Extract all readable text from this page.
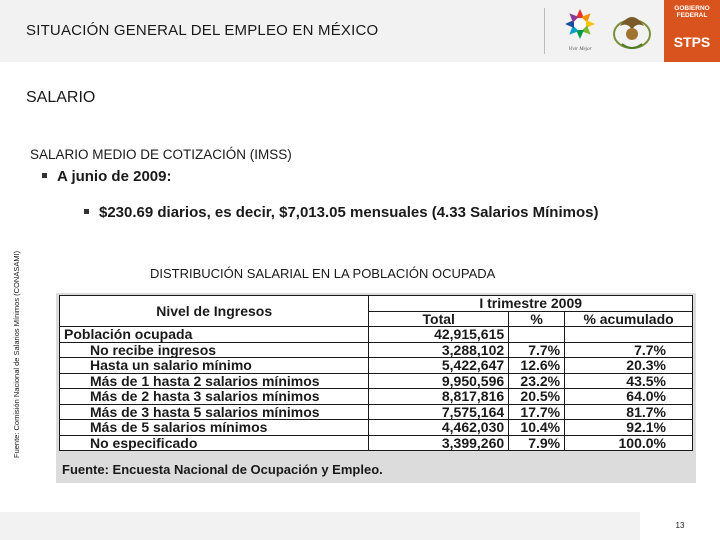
SITUACIÓN GENERAL DEL EMPLEO EN MÉXICO
Vivir Mejor
GOBIERNO
FEDERAL
STPS
SALARIO
SALARIO MEDIO DE COTIZACIÓN (IMSS)
A junio de 2009:
$230.69 diarios, es decir, $7,013.05 mensuales (4.33 Salarios Mínimos)
Fuente: Comisión Nacional de Salarios Mínimos (CONASAMI)	DISTRIBUCIÓN SALARIAL EN LA POBLACIÓN OCUPADA
Nivel de Ingresos	I trimestre 2009		
	Total	%	% acumulado
Población ocupada	42,915,615		
No recibe ingresos	3,288,102	7.7%	7.7%
Hasta un salario mínimo	5,422,647	12.6%	20.3%
Más de 1 hasta 2 salarios mínimos	9,950,596	23.2%	43.5%
Más de 2 hasta 3 salarios mínimos	8,817,816	20.5%	64.0%
Más de 3 hasta 5 salarios mínimos	7,575,164	17.7%	81.7%
Más de 5 salarios mínimos	4,462,030	10.4%	92.1%
No especificado	3,399,260	7.9%	100.0%
Fuente: Encuesta Nacional de Ocupación y Empleo.
13
